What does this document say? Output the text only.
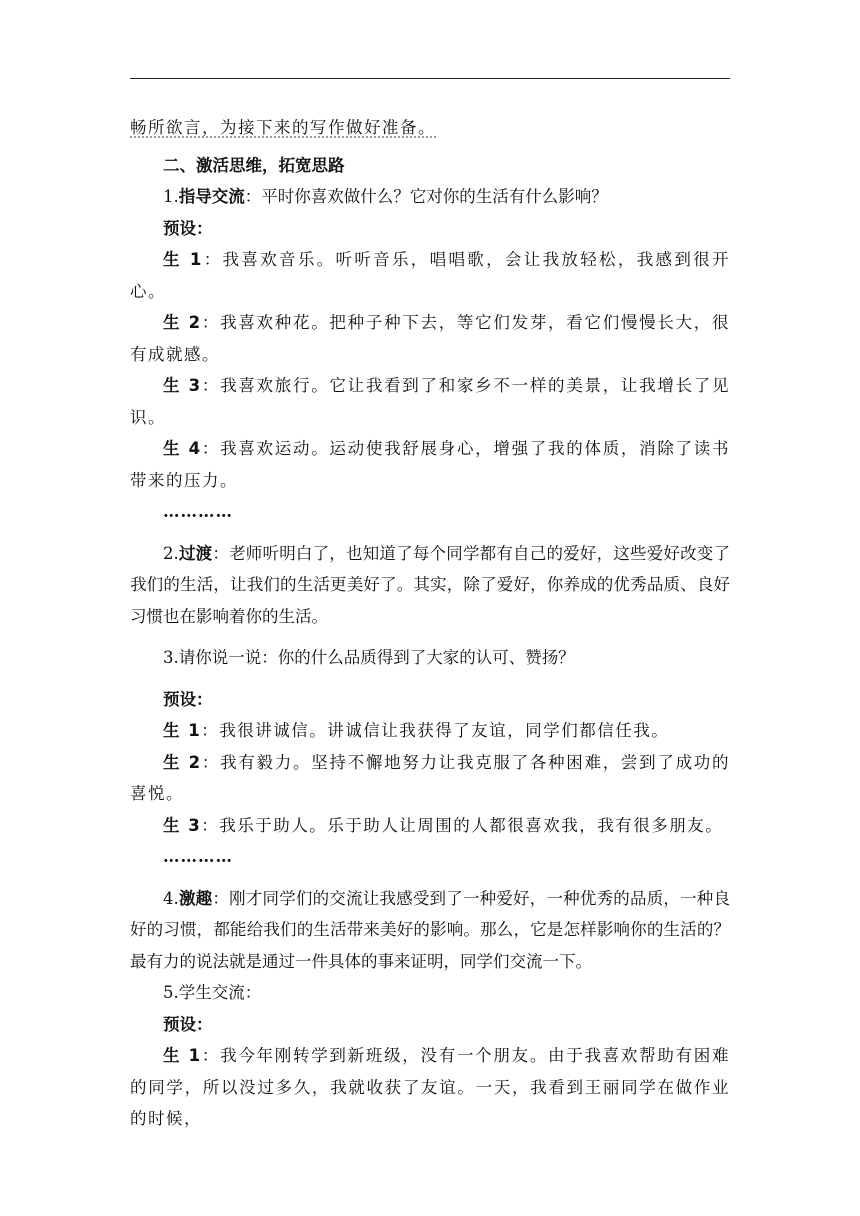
畅所欲言，为接下来的写作做好准备。

二、激活思维，拓宽思路

1.指导交流：平时你喜欢做什么？它对你的生活有什么影响？

预设：

生 1：我喜欢音乐。听听音乐，唱唱歌，会让我放轻松，我感到很开心。

生 2：我喜欢种花。把种子种下去，等它们发芽，看它们慢慢长大，很有成就感。

生 3：我喜欢旅行。它让我看到了和家乡不一样的美景，让我增长了见识。

生 4：我喜欢运动。运动使我舒展身心，增强了我的体质，消除了读书带来的压力。

…………

2.过渡：老师听明白了，也知道了每个同学都有自己的爱好，这些爱好改变了我们的生活，让我们的生活更美好了。其实，除了爱好，你养成的优秀品质、良好习惯也在影响着你的生活。

3.请你说一说：你的什么品质得到了大家的认可、赞扬？

预设：

生 1：我很讲诚信。讲诚信让我获得了友谊，同学们都信任我。

生 2：我有毅力。坚持不懈地努力让我克服了各种困难，尝到了成功的喜悦。

生 3：我乐于助人。乐于助人让周围的人都很喜欢我，我有很多朋友。

…………

4.激趣：刚才同学们的交流让我感受到了一种爱好，一种优秀的品质，一种良好的习惯，都能给我们的生活带来美好的影响。那么，它是怎样影响你的生活的？最有力的说法就是通过一件具体的事来证明，同学们交流一下。

5.学生交流：

预设：

生 1：我今年刚转学到新班级，没有一个朋友。由于我喜欢帮助有困难的同学，所以没过多久，我就收获了友谊。一天，我看到王丽同学在做作业的时候，
